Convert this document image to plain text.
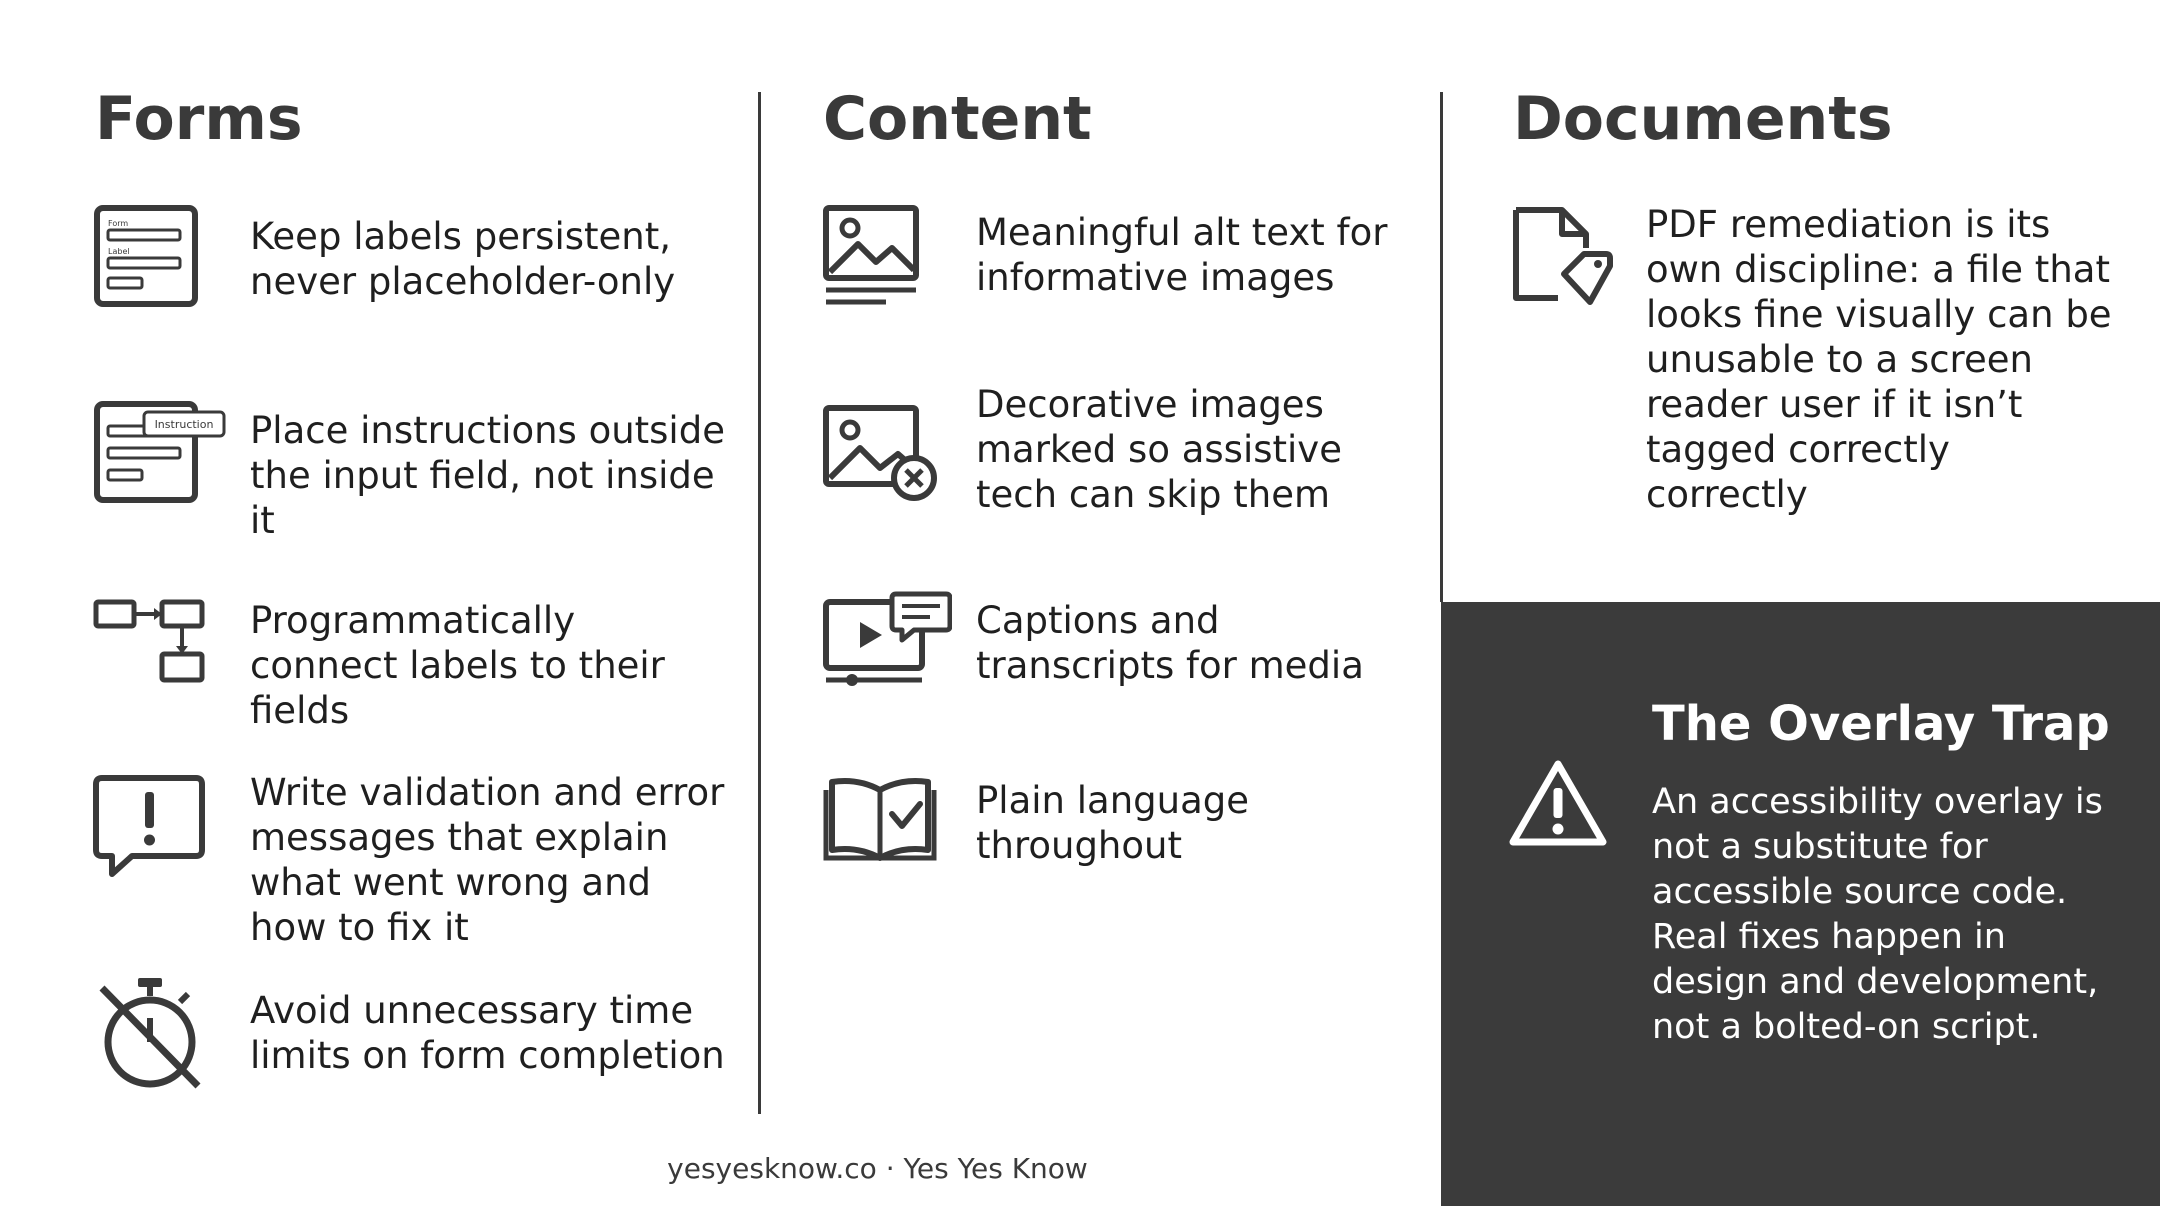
Forms	Content	Documents
Form
Label	Keep labels persistent, never placeholder-only
Instruction Place instructions outside the input field, not inside it
Programmatically connect labels to their fields
Write validation and error messages that explain what went wrong and how to fix it
Avoid unnecessary time limits on form completion
Meaningful alt text for informative images
Decorative images marked so assistive tech can skip them
Captions and transcripts for media
Plain language throughout
PDF remediation is its own discipline: a file that looks fine visually can be unusable to a screen reader user if it isn’t tagged correctly correctly
The Overlay Trap
An accessibility overlay is not a substitute for accessible source code. Real fixes happen in design and development, not a bolted-on script.
yesyesknow.co · Yes Yes Know
